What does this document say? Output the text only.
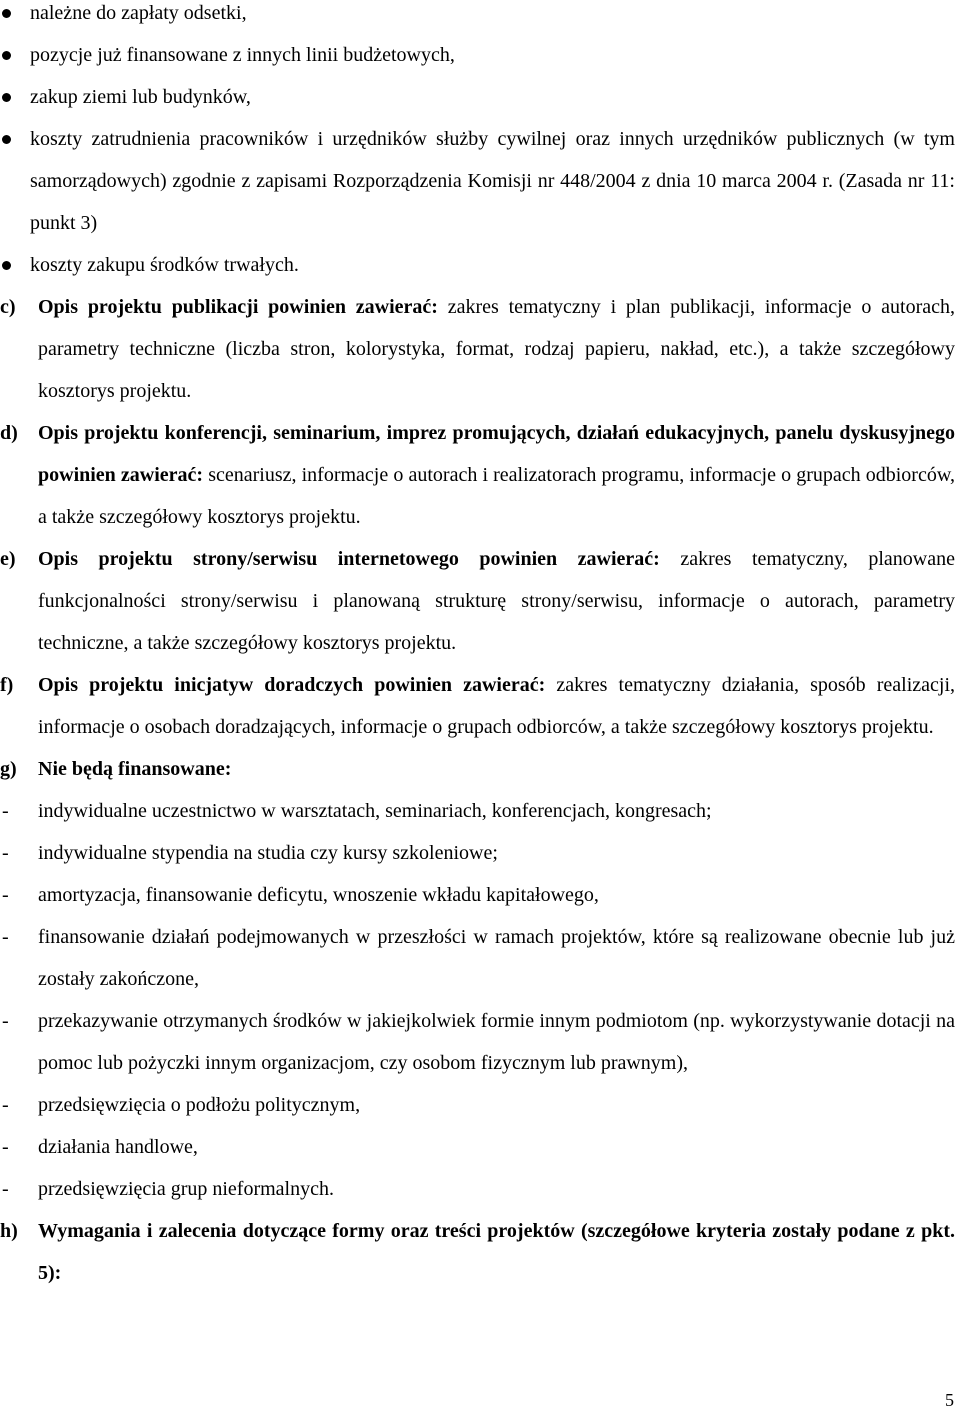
należne do zapłaty odsetki,
pozycje już finansowane z innych linii budżetowych,
zakup ziemi lub budynków,
koszty zatrudnienia pracowników i urzędników służby cywilnej oraz innych urzędników publicznych (w tym samorządowych) zgodnie z zapisami Rozporządzenia Komisji nr 448/2004 z dnia 10 marca 2004 r. (Zasada nr 11: punkt 3)
koszty zakupu środków trwałych.
c) Opis projektu publikacji powinien zawierać: zakres tematyczny i plan publikacji, informacje o autorach, parametry techniczne (liczba stron, kolorystyka, format, rodzaj papieru, nakład, etc.), a także szczegółowy kosztorys projektu.
d) Opis projektu konferencji, seminarium, imprez promujących, działań edukacyjnych, panelu dyskusyjnego powinien zawierać: scenariusz, informacje o autorach i realizatorach programu, informacje o grupach odbiorców, a także szczegółowy kosztorys projektu.
e) Opis projektu strony/serwisu internetowego powinien zawierać: zakres tematyczny, planowane funkcjonalności strony/serwisu i planowaną strukturę strony/serwisu, informacje o autorach, parametry techniczne, a także szczegółowy kosztorys projektu.
f) Opis projektu inicjatyw doradczych powinien zawierać: zakres tematyczny działania, sposób realizacji, informacje o osobach doradzających, informacje o grupach odbiorców, a także szczegółowy kosztorys projektu.
g) Nie będą finansowane:
- indywidualne uczestnictwo w warsztatach, seminariach, konferencjach, kongresach;
- indywidualne stypendia na studia czy kursy szkoleniowe;
- amortyzacja, finansowanie deficytu, wnoszenie wkładu kapitałowego,
- finansowanie działań podejmowanych w przeszłości w ramach projektów, które są realizowane obecnie lub już zostały zakończone,
- przekazywanie otrzymanych środków w jakiejkolwiek formie innym podmiotom (np. wykorzystywanie dotacji na pomoc lub pożyczki innym organizacjom, czy osobom fizycznym lub prawnym),
- przedsięwzięcia o podłożu politycznym,
- działania handlowe,
- przedsięwzięcia grup nieformalnych.
h) Wymagania i zalecenia dotyczące formy oraz treści projektów (szczegółowe kryteria zostały podane z pkt. 5):
5
